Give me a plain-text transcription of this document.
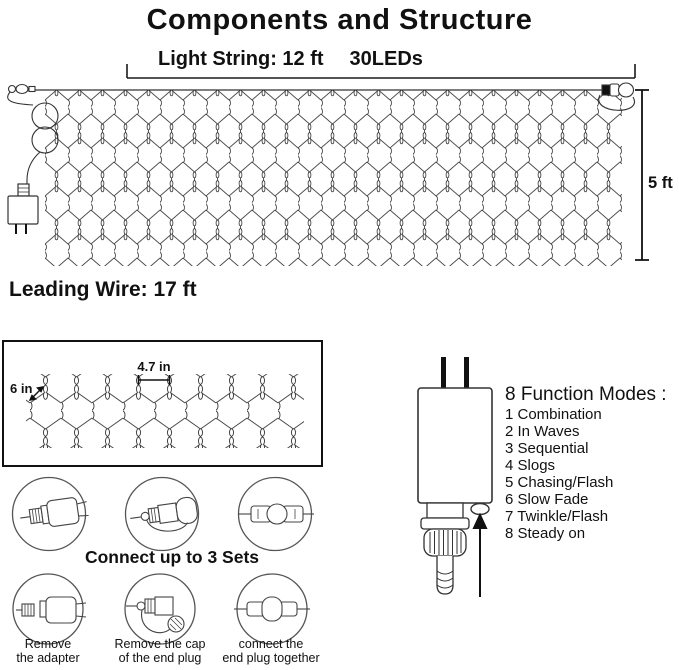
Components and Structure
Light String: 12 ft 30LEDs
5 ft
Leading Wire: 17 ft
4.7 in
6 in	8 Function Modes :
1 Combination
2 In Waves
3 Sequential
4 Slogs
5 Chasing/Flash
6 Slow Fade
7 Twinkle/Flash
8 Steady on
Connect up to 3 Sets
Remove
the adapter
Remove the cap
of the end plug
connect the
end plug together
